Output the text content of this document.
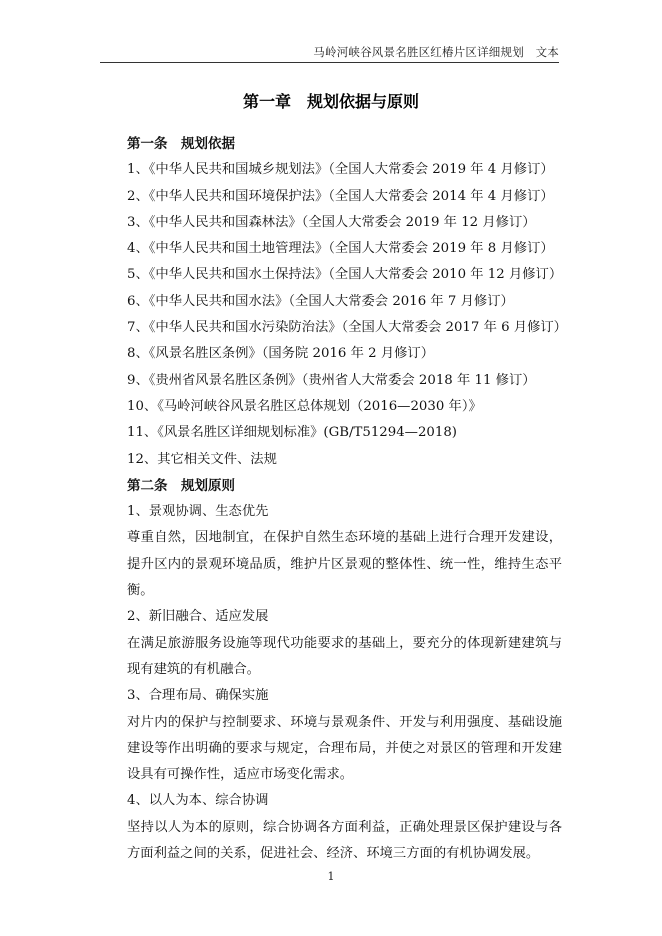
马岭河峡谷风景名胜区红椿片区详细规划　文本
第一章　规划依据与原则
第一条　规划依据
1、《中华人民共和国城乡规划法》（全国人大常委会 2019 年 4 月修订）
2、《中华人民共和国环境保护法》（全国人大常委会 2014 年 4 月修订）
3、《中华人民共和国森林法》（全国人大常委会 2019 年 12 月修订）
4、《中华人民共和国土地管理法》（全国人大常委会 2019 年 8 月修订）
5、《中华人民共和国水土保持法》（全国人大常委会 2010 年 12 月修订）
6、《中华人民共和国水法》（全国人大常委会 2016 年 7 月修订）
7、《中华人民共和国水污染防治法》（全国人大常委会 2017 年 6 月修订）
8、《风景名胜区条例》（国务院 2016 年 2 月修订）
9、《贵州省风景名胜区条例》（贵州省人大常委会 2018 年 11 修订）
10、《马岭河峡谷风景名胜区总体规划（2016—2030 年）》
11、《风景名胜区详细规划标准》(GB/T51294—2018)
12、其它相关文件、法规
第二条　规划原则
1、景观协调、生态优先
尊重自然，因地制宜，在保护自然生态环境的基础上进行合理开发建设，提升区内的景观环境品质，维护片区景观的整体性、统一性，维持生态平衡。
2、新旧融合、适应发展
在满足旅游服务设施等现代功能要求的基础上，要充分的体现新建建筑与现有建筑的有机融合。
3、合理布局、确保实施
对片内的保护与控制要求、环境与景观条件、开发与利用强度、基础设施建设等作出明确的要求与规定，合理布局，并使之对景区的管理和开发建设具有可操作性，适应市场变化需求。
4、以人为本、综合协调
坚持以人为本的原则，综合协调各方面利益，正确处理景区保护建设与各方面利益之间的关系，促进社会、经济、环境三方面的有机协调发展。
1
